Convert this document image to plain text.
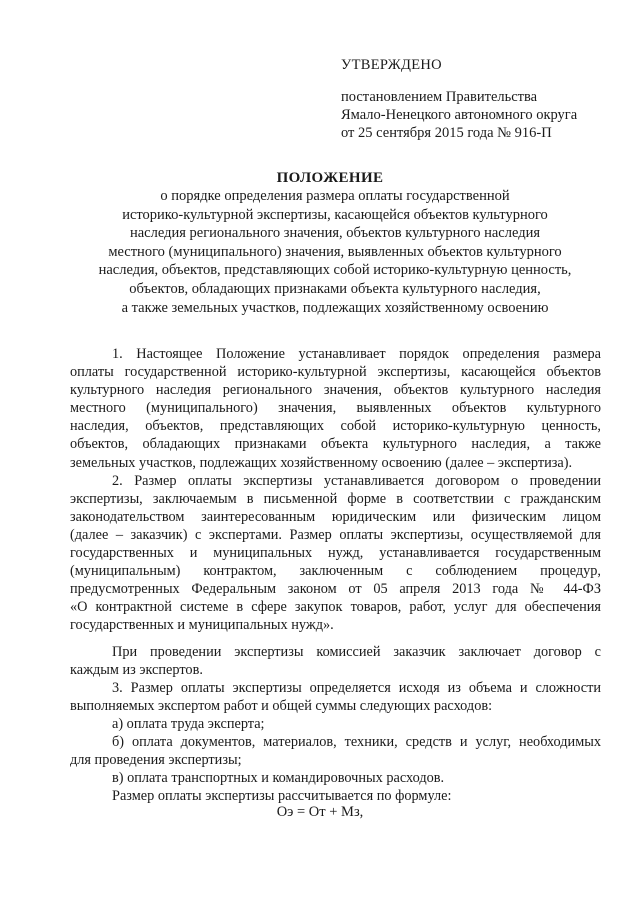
УТВЕРЖДЕНО
постановлением Правительства
Ямало-Ненецкого автономного округа
от 25 сентября 2015 года № 916-П
ПОЛОЖЕНИЕ
о порядке определения размера оплаты государственной
историко-культурной экспертизы, касающейся объектов культурного
наследия регионального значения, объектов культурного наследия
местного (муниципального) значения, выявленных объектов культурного
наследия, объектов, представляющих собой историко-культурную ценность,
объектов, обладающих признаками объекта культурного наследия,
а также земельных участков, подлежащих хозяйственному освоению
1. Настоящее Положение устанавливает порядок определения размера
оплаты государственной историко-культурной экспертизы, касающейся объектов
культурного наследия регионального значения, объектов культурного наследия
местного (муниципального) значения, выявленных объектов культурного
наследия, объектов, представляющих собой историко-культурную ценность,
объектов, обладающих признаками объекта культурного наследия, а также
земельных участков, подлежащих хозяйственному освоению (далее – экспертиза).
2. Размер оплаты экспертизы устанавливается договором о проведении
экспертизы, заключаемым в письменной форме в соответствии с гражданским
законодательством заинтересованным юридическим или физическим лицом
(далее – заказчик) с экспертами. Размер оплаты экспертизы, осуществляемой для
государственных и муниципальных нужд, устанавливается государственным
(муниципальным) контрактом, заключенным с соблюдением процедур,
предусмотренных Федеральным законом от 05 апреля 2013 года № 44-ФЗ
«О контрактной системе в сфере закупок товаров, работ, услуг для обеспечения
государственных и муниципальных нужд».
При проведении экспертизы комиссией заказчик заключает договор с
каждым из экспертов.
3. Размер оплаты экспертизы определяется исходя из объема и сложности
выполняемых экспертом работ и общей суммы следующих расходов:
а) оплата труда эксперта;
б) оплата документов, материалов, техники, средств и услуг, необходимых
для проведения экспертизы;
в) оплата транспортных и командировочных расходов.
Размер оплаты экспертизы рассчитывается по формуле:
Оэ = От + Мз,
